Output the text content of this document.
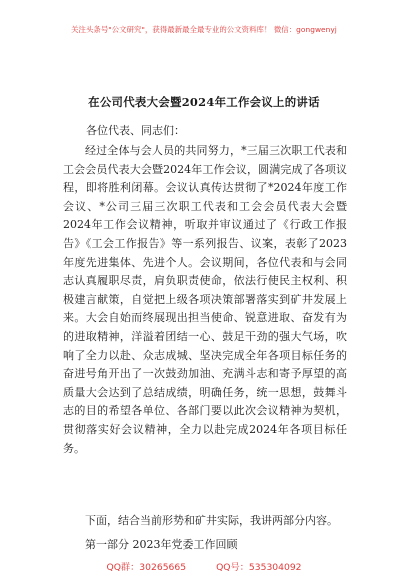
关注头条号"公文研究"，获得最新最全最专业的公文资料库！ 微信：gongwenyj
在公司代表大会暨2024年工作会议上的讲话
各位代表、同志们：

经过全体与会人员的共同努力，*三届三次职工代表和工会会员代表大会暨2024年工作会议，圆满完成了各项议程，即将胜利闭幕。会议认真传达贯彻了*2024年度工作会议、*公司三届三次职工代表和工会会员代表大会暨2024年工作会议精神，听取并审议通过了《行政工作报告》《工会工作报告》等一系列报告、议案，表彰了2023年度先进集体、先进个人。会议期间，各位代表和与会同志认真履职尽责，肩负职责使命，依法行使民主权利、积极建言献策，自觉把上级各项决策部署落实到矿井发展上来。大会自始而终展现出担当使命、锐意进取、奋发有为的进取精神，洋溢着团结一心、鼓足干劲的强大气场，吹响了全力以赴、众志成城、坚决完成全年各项目标任务的奋进号角开出了一次鼓劲加油、充满斗志和寄予厚望的高质量大会达到了总结成绩，明确任务，统一思想，鼓舞斗志的目的希望各单位、各部门要以此次会议精神为契机，贯彻落实好会议精神，全力以赴完成2024年各项目标任务。

下面，结合当前形势和矿井实际，我讲两部分内容。

第一部分 2023年党委工作回顾
QQ群：30265665	QQ号：535304092
